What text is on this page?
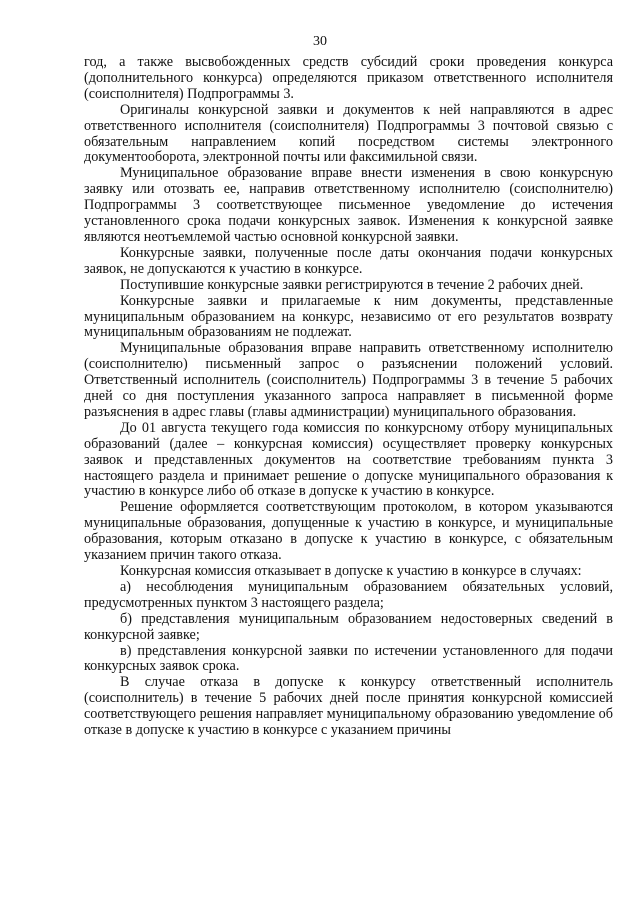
30

год, а также высвобожденных средств субсидий сроки проведения конкурса (дополнительного конкурса) определяются приказом ответственного исполнителя (соисполнителя) Подпрограммы 3.

Оригиналы конкурсной заявки и документов к ней направляются в адрес ответственного исполнителя (соисполнителя) Подпрограммы 3 почтовой связью с обязательным направлением копий посредством системы электронного документооборота, электронной почты или факсимильной связи.

Муниципальное образование вправе внести изменения в свою конкурсную заявку или отозвать ее, направив ответственному исполнителю (соисполнителю) Подпрограммы 3 соответствующее письменное уведомление до истечения установленного срока подачи конкурсных заявок. Изменения к конкурсной заявке являются неотъемлемой частью основной конкурсной заявки.

Конкурсные заявки, полученные после даты окончания подачи конкурсных заявок, не допускаются к участию в конкурсе.

Поступившие конкурсные заявки регистрируются в течение 2 рабочих дней.

Конкурсные заявки и прилагаемые к ним документы, представленные муниципальным образованием на конкурс, независимо от его результатов возврату муниципальным образованиям не подлежат.

Муниципальные образования вправе направить ответственному исполнителю (соисполнителю) письменный запрос о разъяснении положений условий. Ответственный исполнитель (соисполнитель) Подпрограммы 3 в течение 5 рабочих дней со дня поступления указанного запроса направляет в письменной форме разъяснения в адрес главы (главы администрации) муниципального образования.

До 01 августа текущего года комиссия по конкурсному отбору муниципальных образований (далее – конкурсная комиссия) осуществляет проверку конкурсных заявок и представленных документов на соответствие требованиям пункта 3 настоящего раздела и принимает решение о допуске муниципального образования к участию в конкурсе либо об отказе в допуске к участию в конкурсе.

Решение оформляется соответствующим протоколом, в котором указываются муниципальные образования, допущенные к участию в конкурсе, и муниципальные образования, которым отказано в допуске к участию в конкурсе, с обязательным указанием причин такого отказа.

Конкурсная комиссия отказывает в допуске к участию в конкурсе в случаях:

а) несоблюдения муниципальным образованием обязательных условий, предусмотренных пунктом 3 настоящего раздела;

б) представления муниципальным образованием недостоверных сведений в конкурсной заявке;

в) представления конкурсной заявки по истечении установленного для подачи конкурсных заявок срока.

В случае отказа в допуске к конкурсу ответственный исполнитель (соисполнитель) в течение 5 рабочих дней после принятия конкурсной комиссией соответствующего решения направляет муниципальному образованию уведомление об отказе в допуске к участию в конкурсе с указанием причины
